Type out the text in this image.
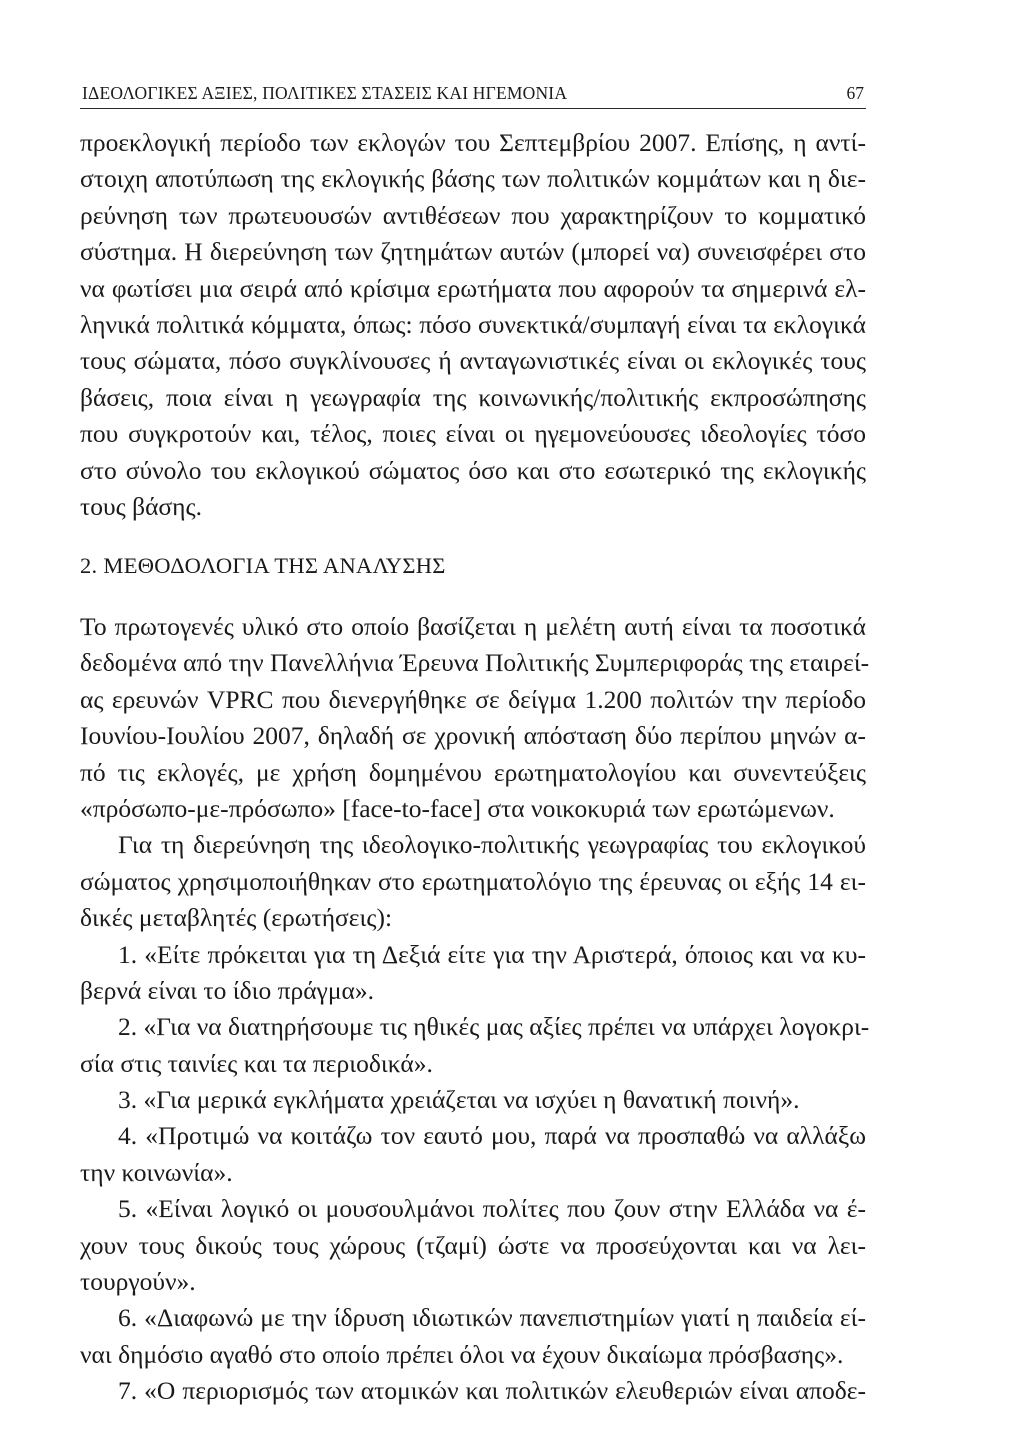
ΙΔΕΟΛΟΓΙΚΕΣ ΑΞΙΕΣ, ΠΟΛΙΤΙΚΕΣ ΣΤΑΣΕΙΣ ΚΑΙ ΗΓΕΜΟΝΙΑ	67
προεκλογική περίοδο των εκλογών του Σεπτεμβρίου 2007. Επίσης, η αντί-
στοιχη αποτύπωση της εκλογικής βάσης των πολιτικών κομμάτων και η διε-
ρεύνηση των πρωτευουσών αντιθέσεων που χαρακτηρίζουν το κομματικό
σύστημα. Η διερεύνηση των ζητημάτων αυτών (μπορεί να) συνεισφέρει στο
να φωτίσει μια σειρά από κρίσιμα ερωτήματα που αφορούν τα σημερινά ελ-
ληνικά πολιτικά κόμματα, όπως: πόσο συνεκτικά/συμπαγή είναι τα εκλογικά
τους σώματα, πόσο συγκλίνουσες ή ανταγωνιστικές είναι οι εκλογικές τους
βάσεις, ποια είναι η γεωγραφία της κοινωνικής/πολιτικής εκπροσώπησης
που συγκροτούν και, τέλος, ποιες είναι οι ηγεμονεύουσες ιδεολογίες τόσο
στο σύνολο του εκλογικού σώματος όσο και στο εσωτερικό της εκλογικής
τους βάσης.
2. ΜΕΘΟΔΟΛΟΓΙΑ ΤΗΣ ΑΝΑΛΥΣΗΣ
Το πρωτογενές υλικό στο οποίο βασίζεται η μελέτη αυτή είναι τα ποσοτικά
δεδομένα από την Πανελλήνια Έρευνα Πολιτικής Συμπεριφοράς της εταιρεί-
ας ερευνών VPRC που διενεργήθηκε σε δείγμα 1.200 πολιτών την περίοδο
Ιουνίου-Ιουλίου 2007, δηλαδή σε χρονική απόσταση δύο περίπου μηνών α-
πό τις εκλογές, με χρήση δομημένου ερωτηματολογίου και συνεντεύξεις
«πρόσωπο-με-πρόσωπο» [face-to-face] στα νοικοκυριά των ερωτώμενων.
Για τη διερεύνηση της ιδεολογικο-πολιτικής γεωγραφίας του εκλογικού
σώματος χρησιμοποιήθηκαν στο ερωτηματολόγιο της έρευνας οι εξής 14 ει-
δικές μεταβλητές (ερωτήσεις):
1. «Είτε πρόκειται για τη Δεξιά είτε για την Αριστερά, όποιος και να κυ-
βερνά είναι το ίδιο πράγμα».
2. «Για να διατηρήσουμε τις ηθικές μας αξίες πρέπει να υπάρχει λογοκρι-
σία στις ταινίες και τα περιοδικά».
3. «Για μερικά εγκλήματα χρειάζεται να ισχύει η θανατική ποινή».
4. «Προτιμώ να κοιτάζω τον εαυτό μου, παρά να προσπαθώ να αλλάξω
την κοινωνία».
5. «Είναι λογικό οι μουσουλμάνοι πολίτες που ζουν στην Ελλάδα να έ-
χουν τους δικούς τους χώρους (τζαμί) ώστε να προσεύχονται και να λει-
τουργούν».
6. «Διαφωνώ με την ίδρυση ιδιωτικών πανεπιστημίων γιατί η παιδεία εί-
ναι δημόσιο αγαθό στο οποίο πρέπει όλοι να έχουν δικαίωμα πρόσβασης».
7. «Ο περιορισμός των ατομικών και πολιτικών ελευθεριών είναι αποδε-
